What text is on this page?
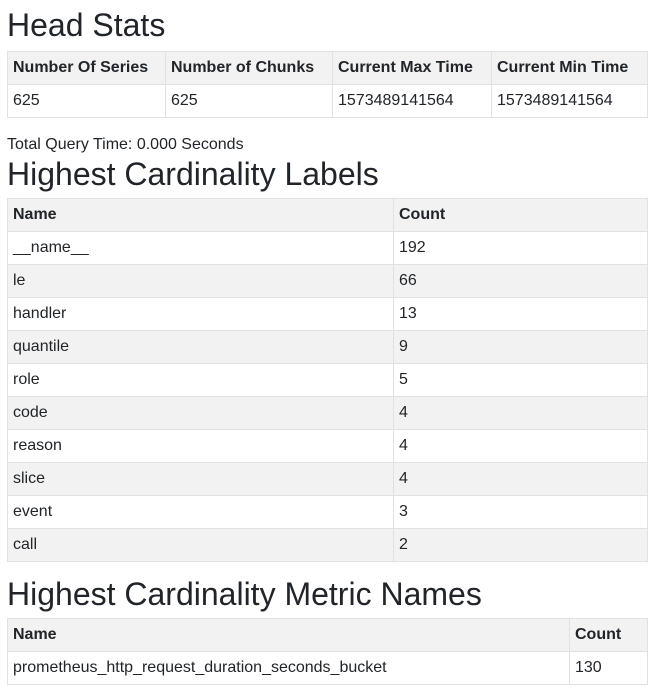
Head Stats
Number Of Series	Number of Chunks	Current Max Time	Current Min Time
625	625	1573489141564	1573489141564
Total Query Time: 0.000 Seconds
Highest Cardinality Labels
Name	Count
__name__	192
le	66
handler	13
quantile	9
role	5
code	4
reason	4
slice	4
event	3
call	2
Highest Cardinality Metric Names
Name	Count
prometheus_http_request_duration_seconds_bucket	130
